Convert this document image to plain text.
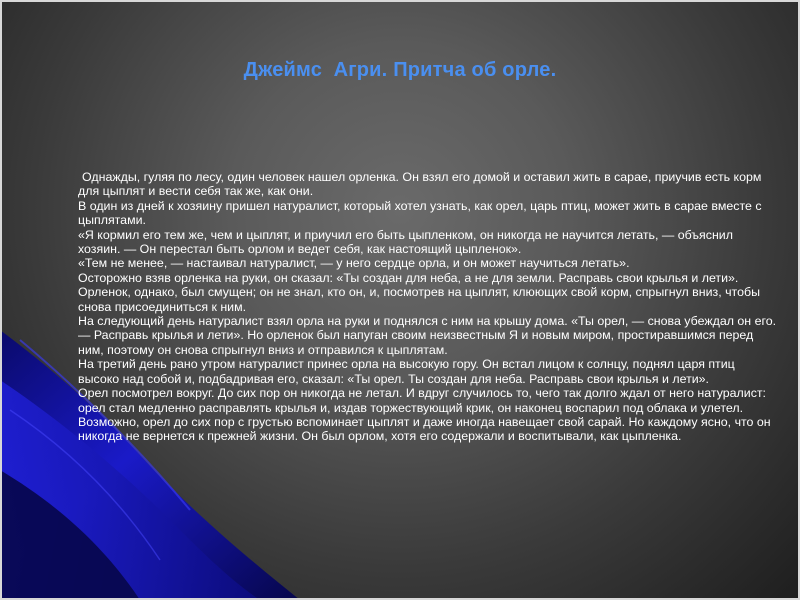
Джеймс  Агри. Притча об орле.

Однажды, гуляя по лесу, один человек нашел орленка. Он взял его домой и оставил жить в сарае, приучив есть корм для цыплят и вести себя так же, как они.

В один из дней к хозяину пришел натуралист, который хотел узнать, как орел, царь птиц, может жить в сарае вместе с цыплятами.

«Я кормил его тем же, чем и цыплят, и приучил его быть цыпленком, он никогда не научится летать, — объяснил хозяин. — Он перестал быть орлом и ведет себя, как настоящий цыпленок».

«Тем не менее, — настаивал натуралист, — у него сердце орла, и он может научиться летать».

Осторожно взяв орленка на руки, он сказал: «Ты создан для неба, а не для земли. Расправь свои крылья и лети».

Орленок, однако, был смущен; он не знал, кто он, и, посмотрев на цыплят, клюющих свой корм, спрыгнул вниз, чтобы снова присоединиться к ним.

На следующий день натуралист взял орла на руки и поднялся с ним на крышу дома. «Ты орел, — снова убеждал он его. — Расправь крылья и лети». Но орленок был напуган своим неизвестным Я и новым миром, простиравшимся перед ним, поэтому он снова спрыгнул вниз и отправился к цыплятам.

На третий день рано утром натуралист принес орла на высокую гору. Он встал лицом к солнцу, поднял царя птиц высоко над собой и, подбадривая его, сказал: «Ты орел. Ты создан для неба. Расправь свои крылья и лети».

Орел посмотрел вокруг. До сих пор он никогда не летал. И вдруг случилось то, чего так долго ждал от него натуралист: орел стал медленно расправлять крылья и, издав торжествующий крик, он наконец воспарил под облака и улетел.

Возможно, орел до сих пор с грустью вспоминает цыплят и даже иногда навещает свой сарай. Но каждому ясно, что он никогда не вернется к прежней жизни. Он был орлом, хотя его содержали и воспитывали, как цыпленка.
